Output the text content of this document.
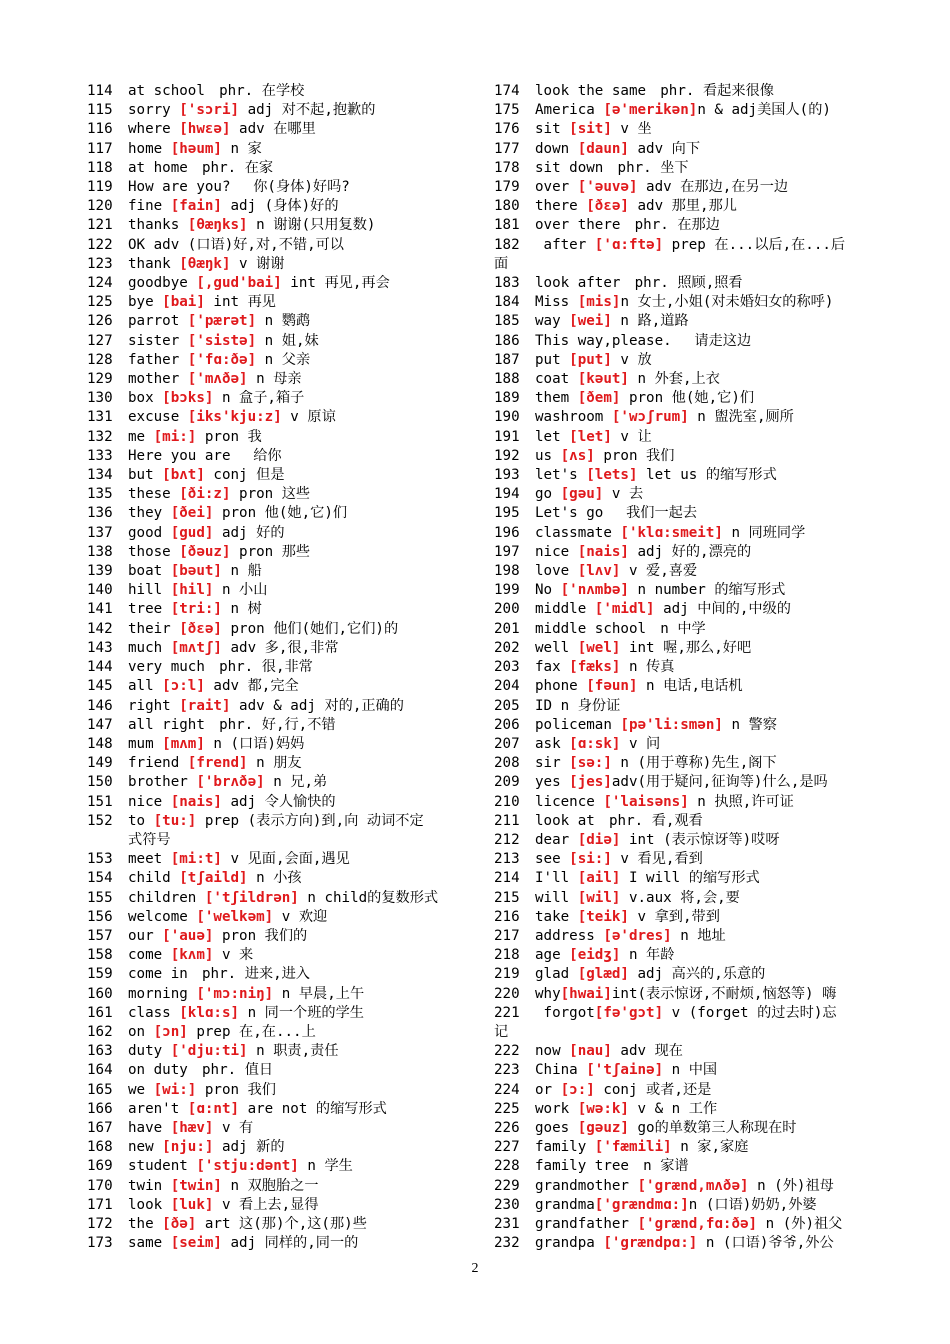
114 at school　phr. 在学校
115 sorry ['sɔri] adj 对不起,抱歉的
116 where [hwɛə] adv 在哪里
117 home [həum] n 家
118 at home　phr. 在家
119 How are you?　 你(身体)好吗?
120 fine [fain] adj (身体)好的
121 thanks [θæŋks] n 谢谢(只用复数)
122 OK adv (口语)好,对,不错,可以
123 thank [θæŋk] v 谢谢
124 goodbye [,gud'bai] int 再见,再会
125 bye [bai] int 再见
126 parrot ['pærət] n 鹦鹉
127 sister ['sistə] n 姐,妹
128 father ['fɑ:ðə] n 父亲
129 mother ['mʌðə] n 母亲
130 box [bɔks] n 盒子,箱子
131 excuse [iks'kju:z] v 原谅
132 me [mi:] pron 我
133 Here you are　 给你
134 but [bʌt] conj 但是
135 these [ði:z] pron 这些
136 they [ðei] pron 他(她,它)们
137 good [gud] adj 好的
138 those [ðəuz] pron 那些
139 boat [bəut] n 船
140 hill [hil] n 小山
141 tree [tri:] n 树
142 their [ðɛə] pron 他们(她们,它们)的
143 much [mʌtʃ] adv 多,很,非常
144 very much　phr. 很,非常
145 all [ɔ:l] adv 都,完全
146 right [rait] adv & adj 对的,正确的
147 all right　phr. 好,行,不错
148 mum [mʌm] n (口语)妈妈
149 friend [frend] n 朋友
150 brother ['brʌðə] n 兄,弟
151 nice [nais] adj 令人愉快的
152 to [tu:] prep (表示方向)到,向 动词不定
式符号
153 meet [mi:t] v 见面,会面,遇见
154 child [tʃaild] n 小孩
155 children ['tʃildrən] n child的复数形式
156 welcome ['welkəm] v 欢迎
157 our ['auə] pron 我们的
158 come [kʌm] v 来
159 come in　phr. 进来,进入
160 morning ['mɔ:niŋ] n 早晨,上午
161 class [klɑ:s] n 同一个班的学生
162 on [ɔn] prep 在,在...上
163 duty ['dju:ti] n 职责,责任
164 on duty　phr. 值日
165 we [wi:] pron 我们
166 aren't [ɑ:nt] are not 的缩写形式
167 have [hæv] v 有
168 new [nju:] adj 新的
169 student ['stju:dənt] n 学生
170 twin [twin] n 双胞胎之一
171 look [luk] v 看上去,显得
172 the [ðə] art 这(那)个,这(那)些
173 same [seim] adj 同样的,同一的
174 look the same　phr. 看起来很像
175 America [ə'merikən]n & adj美国人(的)
176 sit [sit] v 坐
177 down [daun] adv 向下
178 sit down　phr. 坐下
179 over ['əuvə] adv 在那边,在另一边
180 there [ðɛə] adv 那里,那儿
181 over there　phr. 在那边
182 after ['ɑ:ftə] prep 在...以后,在...后
面
183 look after　phr. 照顾,照看
184 Miss [mis]n 女士,小姐(对未婚妇女的称呼)
185 way [wei] n 路,道路
186 This way,please.　 请走这边
187 put [put] v 放
188 coat [kəut] n 外套,上衣
189 them [ðem] pron 他(她,它)们
190 washroom ['wɔʃrum] n 盥洗室,厕所
191 let [let] v 让
192 us [ʌs] pron 我们
193 let's [lets] let us 的缩写形式
194 go [gəu] v 去
195 Let's go　 我们一起去
196 classmate ['klɑ:smeit] n 同班同学
197 nice [nais] adj 好的,漂亮的
198 love [lʌv] v 爱,喜爱
199 No ['nʌmbə] n number 的缩写形式
200 middle ['midl] adj 中间的,中级的
201 middle school　n 中学
202 well [wel] int 喔,那么,好吧
203 fax [fæks] n 传真
204 phone [fəun] n 电话,电话机
205 ID n 身份证
206 policeman [pə'li:smən] n 警察
207 ask [ɑ:sk] v 问
208 sir [sə:] n (用于尊称)先生,阁下
209 yes [jes]adv(用于疑问,征询等)什么,是吗
210 licence ['laisəns] n 执照,许可证
211 look at　phr. 看,观看
212 dear [diə] int (表示惊讶等)哎呀
213 see [si:] v 看见,看到
214 I'll [ail] I will 的缩写形式
215 will [wil] v.aux 将,会,要
216 take [teik] v 拿到,带到
217 address [ə'dres] n 地址
218 age [eidʒ] n 年龄
219 glad [glæd] adj 高兴的,乐意的
220 why[hwai]int(表示惊讶,不耐烦,恼怒等) 嗨
221 forgot[fə'gɔt] v (forget 的过去时)忘
记
222 now [nau] adv 现在
223 China ['tʃainə] n 中国
224 or [ɔ:] conj 或者,还是
225 work [wə:k] v & n 工作
226 goes [gəuz] go的单数第三人称现在时
227 family ['fæmili] n 家,家庭
228 family tree　n 家谱
229 grandmother ['grænd,mʌðə] n (外)祖母
230 grandma['grændmɑ:]n (口语)奶奶,外婆
231 grandfather ['grænd,fɑ:ðə] n (外)祖父
232 grandpa ['grændpɑ:] n (口语)爷爷,外公
2
